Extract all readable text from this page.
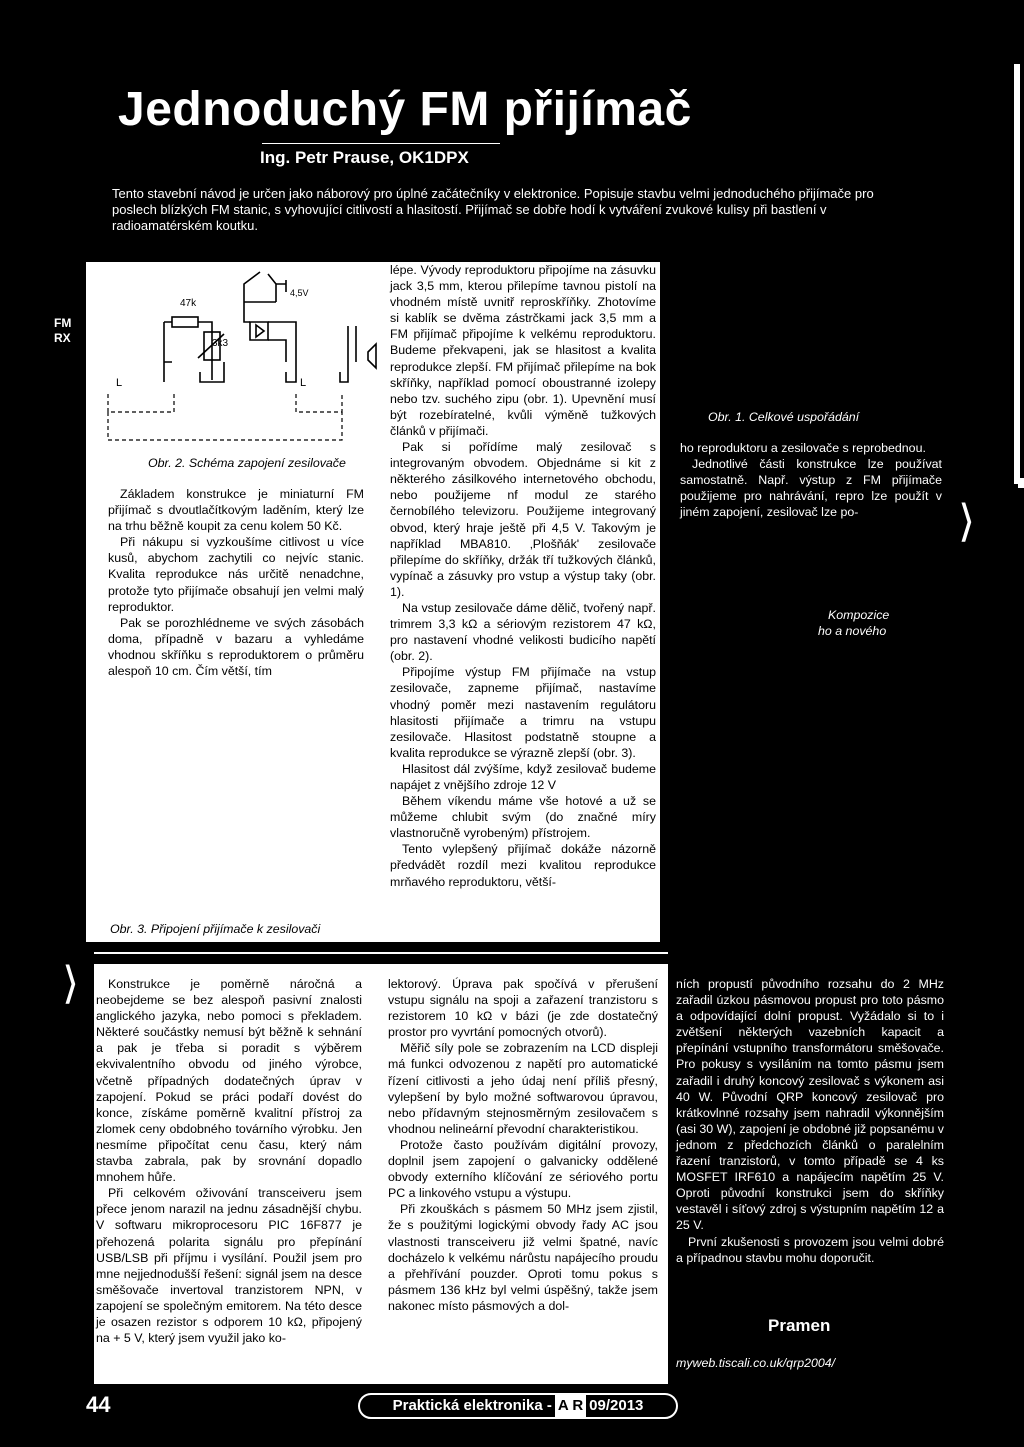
Jednoduchý FM přijímač
Ing. Petr Prause, OK1DPX

Tento stavební návod je určen jako náborový pro úplné začátečníky v elektronice. Popisuje stavbu velmi jednoduchého přijímače pro poslech blízkých FM stanic, s vyhovující citlivostí a hlasitostí. Přijímač se dobře hodí k vytváření zvukové kulisy při bastlení v radioamatérském koutku.

FM RX
47k
3k3
4,5V
L	L
Obr. 2. Schéma zapojení zesilovače

Základem konstrukce je miniaturní FM přijímač s dvoutlačítkovým laděním, který lze na trhu běžně koupit za cenu kolem 50 Kč.

Při nákupu si vyzkoušíme citlivost u více kusů, abychom zachytili co nejvíc stanic. Kvalita reprodukce nás určitě nenadchne, protože tyto přijímače obsahují jen velmi malý reproduktor.

Pak se porozhlédneme ve svých zásobách doma, případně v bazaru a vyhledáme vhodnou skříňku s reproduktorem o průměru alespoň 10 cm. Čím větší, tím

Obr. 3. Připojení přijímače k zesilovači

lépe. Vývody reproduktoru připojíme na zásuvku jack 3,5 mm, kterou přilepíme tavnou pistolí na vhodném místě uvnitř reproskříňky. Zhotovíme si kablík se dvěma zástrčkami jack 3,5 mm a FM přijímač připojíme k velkému reproduktoru. Budeme překvapeni, jak se hlasitost a kvalita reprodukce zlepší. FM přijímač přilepíme na bok skříňky, například pomocí oboustranné izolepy nebo tzv. suchého zipu (obr. 1). Upevnění musí být rozebíratelné, kvůli výměně tužkových článků v přijímači.

Pak si pořídíme malý zesilovač s integrovaným obvodem. Objednáme si kit z některého zásilkového internetového obchodu, nebo použijeme nf modul ze starého černobílého televizoru. Použijeme integrovaný obvod, který hraje ještě při 4,5 V. Takovým je například MBA810. ‚Plošňák' zesilovače přilepíme do skříňky, držák tří tužkových článků, vypínač a zásuvky pro vstup a výstup taky (obr. 1).

Na vstup zesilovače dáme dělič, tvořený např. trimrem 3,3 kΩ a sériovým rezistorem 47 kΩ, pro nastavení vhodné velikosti budicího napětí (obr. 2).

Připojíme výstup FM přijímače na vstup zesilovače, zapneme přijímač, nastavíme vhodný poměr mezi nastavením regulátoru hlasitosti přijímače a trimru na vstupu zesilovače. Hlasitost podstatně stoupne a kvalita reprodukce se výrazně zlepší (obr. 3).

Hlasitost dál zvýšíme, když zesilovač budeme napájet z vnějšího zdroje 12 V

Během víkendu máme vše hotové a už se můžeme chlubit svým (do značné míry vlastnoručně vyrobeným) přístrojem.

Tento vylepšený přijímač dokáže názorně předvádět rozdíl mezi kvalitou reprodukce mrňavého reproduktoru, větší-

Obr. 1. Celkové uspořádání

ho reproduktoru a zesilovače s reprobednou.

Jednotlivé části konstrukce lze používat samostatně. Např. výstup z FM přijímače použijeme pro nahrávání, repro lze použít v jiném zapojení, zesilovač lze po-

Kompozice
ho a nového
⟩
⟩	Konstrukce je poměrně náročná a neobejdeme se bez alespoň pasivní znalosti anglického jazyka, nebo pomoci s překladem. Některé součástky nemusí být běžně k sehnání a pak je třeba si poradit s výběrem ekvivalentního obvodu od jiného výrobce, včetně případných dodatečných úprav v zapojení. Pokud se práci podaří dovést do konce, získáme poměrně kvalitní přístroj za zlomek ceny obdobného továrního výrobku. Jen nesmíme připočítat cenu času, který nám stavba zabrala, pak by srovnání dopadlo mnohem hůře.

Při celkovém oživování transceiveru jsem přece jenom narazil na jednu zásadnější chybu. V softwaru mikroprocesoru PIC 16F877 je přehozená polarita signálu pro přepínání USB/LSB při příjmu i vysílání. Použil jsem pro mne nejjednodušší řešení: signál jsem na desce směšovače invertoval tranzistorem NPN, v zapojení se společným emitorem. Na této desce je osazen rezistor s odporem 10 kΩ, připojený na + 5 V, který jsem využil jako ko-

lektorový. Úprava pak spočívá v přerušení vstupu signálu na spoji a zařazení tranzistoru s rezistorem 10 kΩ v bázi (je zde dostatečný prostor pro vyvrtání pomocných otvorů).

Měřič síly pole se zobrazením na LCD displeji má funkci odvozenou z napětí pro automatické řízení citlivosti a jeho údaj není příliš přesný, vylepšení by bylo možné softwarovou úpravou, nebo přídavným stejnosměrným zesilovačem s vhodnou nelineární převodní charakteristikou.

Protože často používám digitální provozy, doplnil jsem zapojení o galvanicky oddělené obvody externího klíčování ze sériového portu PC a linkového vstupu a výstupu.

Při zkouškách s pásmem 50 MHz jsem zjistil, že s použitými logickými obvody řady AC jsou vlastnosti transceiveru již velmi špatné, navíc docházelo k velkému nárůstu napájecího proudu a přehřívání pouzder. Oproti tomu pokus s pásmem 136 kHz byl velmi úspěšný, takže jsem nakonec místo pásmových a dol-

ních propustí původního rozsahu do 2 MHz zařadil úzkou pásmovou propust pro toto pásmo a odpovídající dolní propust. Vyžádalo si to i zvětšení některých vazebních kapacit a přepínání vstupního transformátoru směšovače. Pro pokusy s vysíláním na tomto pásmu jsem zařadil i druhý koncový zesilovač s výkonem asi 40 W. Původní QRP koncový zesilovač pro krátkovlnné rozsahy jsem nahradil výkonnějším (asi 30 W), zapojení je obdobné již popsanému v jednom z předchozích článků o paralelním řazení tranzistorů, v tomto případě se 4 ks MOSFET IRF610 a napájecím napětím 25 V. Oproti původní konstrukci jsem do skříňky vestavěl i síťový zdroj s výstupním napětím 12 a 25 V.

První zkušenosti s provozem jsou velmi dobré a případnou stavbu mohu doporučit.

Pramen
myweb.tiscali.co.uk/qrp2004/
44	Praktická elektronika - A R 09/2013
